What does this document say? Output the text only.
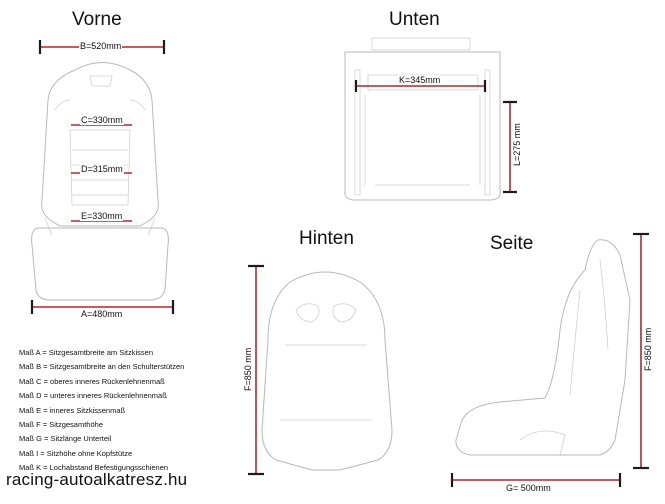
Vorne	Unten
Hinten	Seite
B=520mm
C=330mm
D=315mm
E=330mm
A=480mm
K=345mm
L=275 mm
F=850 mm	F=850 mm
G= 500mm
Maß A = Sitzgesamtbreite am Sitzkissen
Maß B = Sitzgesamtbreite an den Schulterstützen
Maß C = oberes inneres Rückenlehnenmaß
Maß D = unteres inneres Rückenlehnenmaß
Maß E = inneres Sitzkissenmaß
Maß F = Sitzgesamthöhe
Maß G = Sitzlänge Unterteil
Maß I = Sitzhöhe ohne Kopfstütze
Maß K = Lochabstand Befestigungsschienen
racing-autoalkatresz.hu
